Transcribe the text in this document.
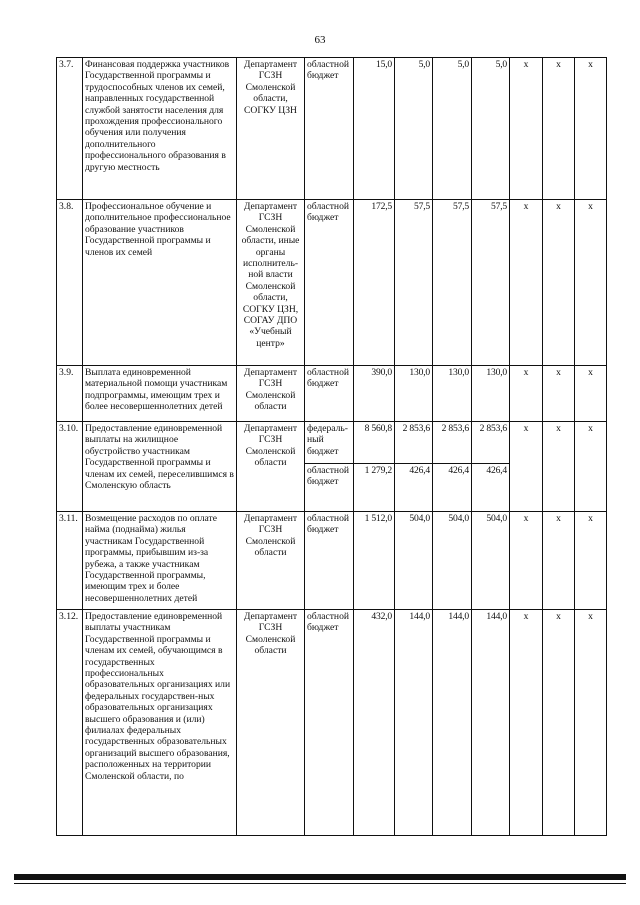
63
3.7.	Финансовая поддержка участников Государственной программы и трудоспособных членов их семей, направленных государственной службой занятости населения для прохождения профессионального обучения или получения дополнительного профессионального образования в другую местность	Департамент ГСЗН Смоленской области, СОГКУ ЦЗН	областной бюджет	15,0	5,0	5,0	5,0	х	х	х
3.8.	Профессиональное обучение и дополнительное профессиональное образование участников Государственной программы и членов их семей	Департамент ГСЗН Смоленской области, иные органы исполнитель-ной власти Смоленской области, СОГКУ ЦЗН, СОГАУ ДПО «Учебный центр»	областной бюджет	172,5	57,5	57,5	57,5	х	х	х
3.9.	Выплата единовременной материальной помощи участникам подпрограммы, имеющим трех и более несовершеннолетних детей	Департамент ГСЗН Смоленской области	областной бюджет	390,0	130,0	130,0	130,0	х	х	х
3.10.	Предоставление единовременной выплаты на жилищное обустройство участникам Государственной программы и членам их семей, переселившимся в Смоленскую область	Департамент ГСЗН Смоленской области	федераль-ный бюджет	8 560,8	2 853,6	2 853,6	2 853,6	х	х	х
			областной бюджет	1 279,2	426,4	426,4	426,4			
3.11.	Возмещение расходов по оплате найма (поднайма) жилья участникам Государственной программы, прибывшим из-за рубежа, а также участникам Государственной программы, имеющим трех и более несовершеннолетних детей	Департамент ГСЗН Смоленской области	областной бюджет	1 512,0	504,0	504,0	504,0	х	х	х
3.12.	Предоставление единовременной выплаты участникам Государственной программы и членам их семей, обучающимся в государственных профессиональных образовательных организациях или федеральных государствен-ных образовательных организациях высшего образования и (или) филиалах федеральных государственных образовательных организаций высшего образования, расположенных на территории Смоленской области, по	Департамент ГСЗН Смоленской области	областной бюджет	432,0	144,0	144,0	144,0	х	х	х
